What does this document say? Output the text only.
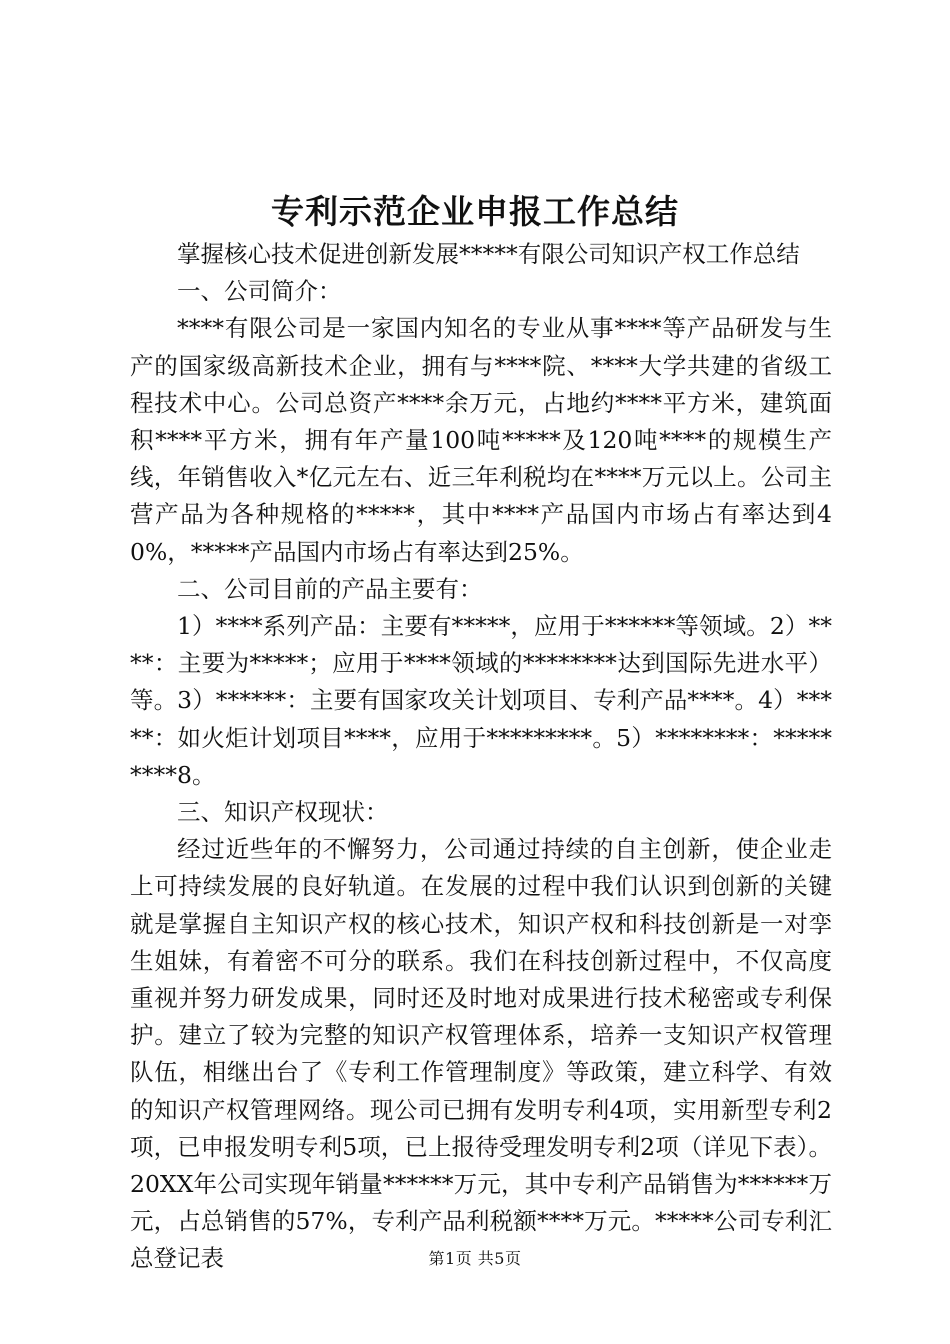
专利示范企业申报工作总结

掌握核心技术促进创新发展*****有限公司知识产权工作总结

一、公司简介：

****有限公司是一家国内知名的专业从事****等产品研发与生产的国家级高新技术企业，拥有与****院、****大学共建的省级工程技术中心。公司总资产****余万元，占地约****平方米，建筑面积****平方米，拥有年产量100吨*****及120吨****的规模生产线，年销售收入*亿元左右、近三年利税均在****万元以上。公司主营产品为各种规格的*****，其中****产品国内市场占有率达到40%，*****产品国内市场占有率达到25%。

二、公司目前的产品主要有：

1）****系列产品：主要有*****，应用于******等领域。2）****：主要为*****；应用于****领域的********达到国际先进水平）等。3）******：主要有国家攻关计划项目、专利产品****。4）*****：如火炬计划项目****，应用于*********。5）********：*********8。

三、知识产权现状：

经过近些年的不懈努力，公司通过持续的自主创新，使企业走上可持续发展的良好轨道。在发展的过程中我们认识到创新的关键就是掌握自主知识产权的核心技术，知识产权和科技创新是一对孪生姐妹，有着密不可分的联系。我们在科技创新过程中，不仅高度重视并努力研发成果，同时还及时地对成果进行技术秘密或专利保护。建立了较为完整的知识产权管理体系，培养一支知识产权管理队伍，相继出台了《专利工作管理制度》等政策，建立科学、有效的知识产权管理网络。现公司已拥有发明专利4项，实用新型专利2项，已申报发明专利5项，已上报待受理发明专利2项（详见下表）。20XX年公司实现年销量******万元，其中专利产品销售为******万元，占总销售的57%，专利产品利税额****万元。*****公司专利汇总登记表	第1页 共5页
